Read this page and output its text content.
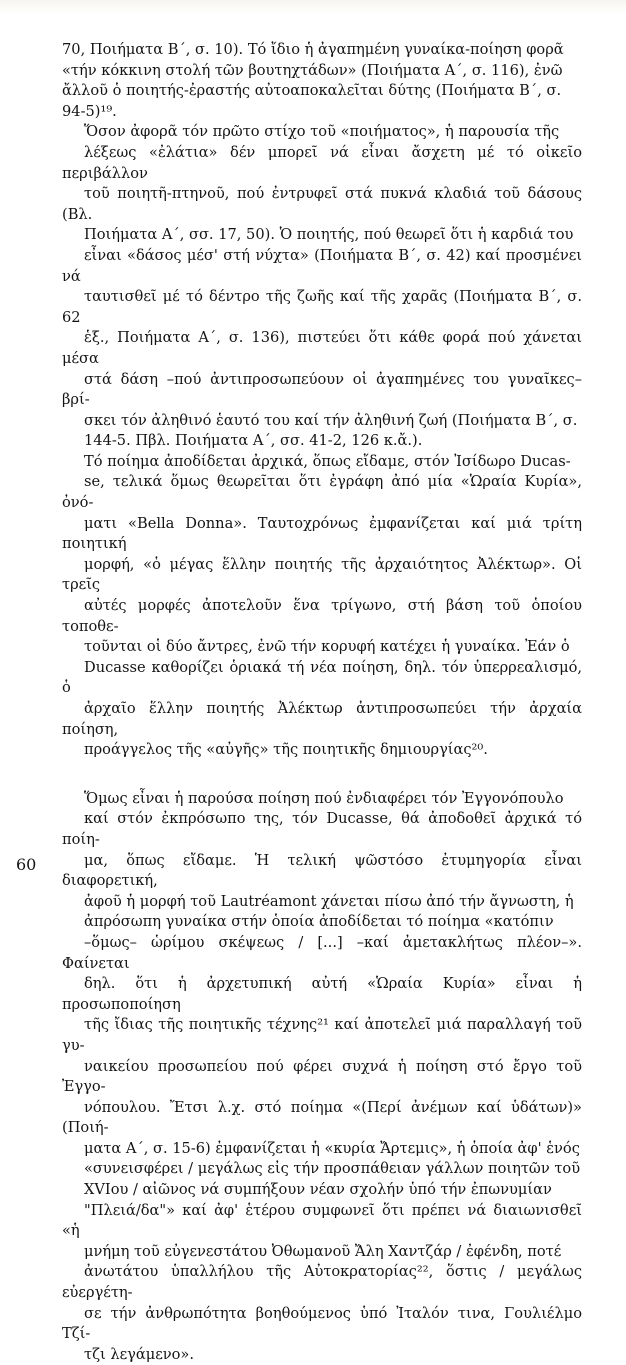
70, Ποιήματα Β΄, σ. 10). Τό ἴδιο ἡ ἀγαπημένη γυναίκα-ποίηση φορᾶ
«τήν κόκκινη στολή τῶν βουτηχτάδων» (Ποιήματα Α΄, σ. 116), ἐνῶ
ἄλλοῦ ὁ ποιητής-ἐραστής αὐτοαποκαλεῖται δύτης (Ποιήματα Β΄, σ.
94-5)¹⁹.

Ὅσον ἀφορᾶ τόν πρῶτο στίχο τοῦ «ποιήματος», ἡ παρουσία τῆς
λέξεως «ἐλάτια» δέν μπορεῖ νά εἶναι ἄσχετη μέ τό οἰκεῖο περιβάλλον
τοῦ ποιητῆ-πτηνοῦ, πού ἐντρυφεῖ στά πυκνά κλαδιά τοῦ δάσους (Βλ.
Ποιήματα Α΄, σσ. 17, 50). Ὁ ποιητής, πού θεωρεῖ ὅτι ἡ καρδιά του
εἶναι «δάσος μέσ' στή νύχτα» (Ποιήματα Β΄, σ. 42) καί προσμένει νά
ταυτισθεῖ μέ τό δέντρο τῆς ζωῆς καί τῆς χαρᾶς (Ποιήματα Β΄, σ. 62
ἑξ., Ποιήματα Α΄, σ. 136), πιστεύει ὅτι κάθε φορά πού χάνεται μέσα
στά δάση –πού ἀντιπροσωπεύουν οἱ ἀγαπημένες του γυναῖκες– βρί-
σκει τόν ἀληθινό ἑαυτό του καί τήν ἀληθινή ζωή (Ποιήματα Β΄, σ.
144-5. Πβλ. Ποιήματα Α΄, σσ. 41-2, 126 κ.ἄ.).

Τό ποίημα ἀποδίδεται ἀρχικά, ὅπως εἴδαμε, στόν Ἰσίδωρο Ducas-
se, τελικά ὅμως θεωρεῖται ὅτι ἐγράφη ἀπό μία «Ὡραία Κυρία», ὀνό-
ματι «Bella Donna». Ταυτοχρόνως ἐμφανίζεται καί μιά τρίτη ποιητική
μορφή, «ὁ μέγας ἕλλην ποιητής τῆς ἀρχαιότητος Ἀλέκτωρ». Οἱ τρεῖς
αὐτές μορφές ἀποτελοῦν ἕνα τρίγωνο, στή βάση τοῦ ὁποίου τοποθε-
τοῦνται οἱ δύο ἄντρες, ἐνῶ τήν κορυφή κατέχει ἡ γυναίκα. Ἐάν ὁ
Ducasse καθορίζει ὁριακά τή νέα ποίηση, δηλ. τόν ὑπερρεαλισμό, ὁ
ἀρχαῖο ἕλλην ποιητής Ἀλέκτωρ ἀντιπροσωπεύει τήν ἀρχαία ποίηση,
προάγγελος τῆς «αὐγῆς» τῆς ποιητικῆς δημιουργίας²⁰.

Ὅμως εἶναι ἡ παρούσα ποίηση πού ἐνδιαφέρει τόν Ἐγγονόπουλο
καί στόν ἐκπρόσωπο της, τόν Ducasse, θά ἀποδοθεῖ ἀρχικά τό ποίη-
μα, ὅπως εἴδαμε. Ἡ τελική ψῶστόσο ἐτυμηγορία εἶναι διαφορετική,
ἀφοῦ ἡ μορφή τοῦ Lautréamont χάνεται πίσω ἀπό τήν ἄγνωστη, ἡ
ἀπρόσωπη γυναίκα στήν ὁποία ἀποδίδεται τό ποίημα «κατόπιν
–ὅμως– ὡρίμου σκέψεως / [...] –καί ἀμετακλήτως πλέον–». Φαίνεται
δηλ. ὅτι ἡ ἀρχετυπική αὐτή «Ὡραία Κυρία» εἶναι ἡ προσωποποίηση
τῆς ἴδιας τῆς ποιητικῆς τέχνης²¹ καί ἀποτελεῖ μιά παραλλαγή τοῦ γυ-
ναικείου προσωπείου πού φέρει συχνά ἡ ποίηση στό ἔργο τοῦ Ἐγγο-
νόπουλου. Ἔτσι λ.χ. στό ποίημα «(Περί ἀνέμων καί ὑδάτων)» (Ποιή-
ματα Α΄, σ. 15-6) ἐμφανίζεται ἡ «κυρία Ἄρτεμις», ἡ ὁποία ἀφ' ἑνός
«συνεισφέρει / μεγάλως εἰς τήν προσπάθειαν γάλλων ποιητῶν τοῦ
XVIου / αἰῶνος νά συμπήξουν νέαν σχολήν ὑπό τήν ἐπωνυμίαν
"Πλειά/δα"» καί ἀφ' ἑτέρου συμφωνεῖ ὅτι πρέπει νά διαιωνισθεῖ «ἡ
μνήμη τοῦ εὐγενεστάτου Ὀθωμανοῦ Ἄλη Χαντζάρ / ἐφένδη, ποτέ
ἀνωτάτου ὑπαλλήλου τῆς Αὐτοκρατορίας²², ὅστις / μεγάλως εὐεργέτη-
σε τήν ἀνθρωπότητα βοηθούμενος ὑπό Ἰταλόν τινα, Γουλιέλμο Τζί-
τζι λεγάμενο».

60
